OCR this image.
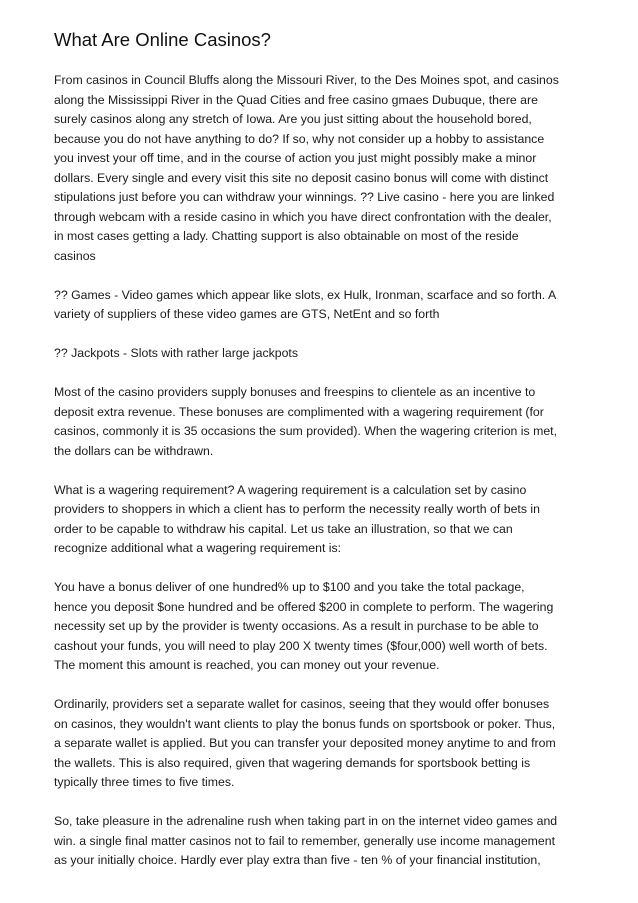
What Are Online Casinos?

From casinos in Council Bluffs along the Missouri River, to the Des Moines spot, and casinos
along the Mississippi River in the Quad Cities and free casino gmaes Dubuque, there are
surely casinos along any stretch of Iowa. Are you just sitting about the household bored,
because you do not have anything to do? If so, why not consider up a hobby to assistance
you invest your off time, and in the course of action you just might possibly make a minor
dollars. Every single and every visit this site no deposit casino bonus will come with distinct
stipulations just before you can withdraw your winnings. ?? Live casino - here you are linked
through webcam with a reside casino in which you have direct confrontation with the dealer,
in most cases getting a lady. Chatting support is also obtainable on most of the reside
casinos

?? Games - Video games which appear like slots, ex Hulk, Ironman, scarface and so forth. A
variety of suppliers of these video games are GTS, NetEnt and so forth

?? Jackpots - Slots with rather large jackpots

Most of the casino providers supply bonuses and freespins to clientele as an incentive to
deposit extra revenue. These bonuses are complimented with a wagering requirement (for
casinos, commonly it is 35 occasions the sum provided). When the wagering criterion is met,
the dollars can be withdrawn.

What is a wagering requirement? A wagering requirement is a calculation set by casino
providers to shoppers in which a client has to perform the necessity really worth of bets in
order to be capable to withdraw his capital. Let us take an illustration, so that we can
recognize additional what a wagering requirement is:

You have a bonus deliver of one hundred% up to $100 and you take the total package,
hence you deposit $one hundred and be offered $200 in complete to perform. The wagering
necessity set up by the provider is twenty occasions. As a result in purchase to be able to
cashout your funds, you will need to play 200 X twenty times ($four,000) well worth of bets.
The moment this amount is reached, you can money out your revenue.

Ordinarily, providers set a separate wallet for casinos, seeing that they would offer bonuses
on casinos, they wouldn't want clients to play the bonus funds on sportsbook or poker. Thus,
a separate wallet is applied. But you can transfer your deposited money anytime to and from
the wallets. This is also required, given that wagering demands for sportsbook betting is
typically three times to five times.

So, take pleasure in the adrenaline rush when taking part in on the internet video games and
win. a single final matter casinos not to fail to remember, generally use income management
as your initially choice. Hardly ever play extra than five - ten % of your financial institution,
